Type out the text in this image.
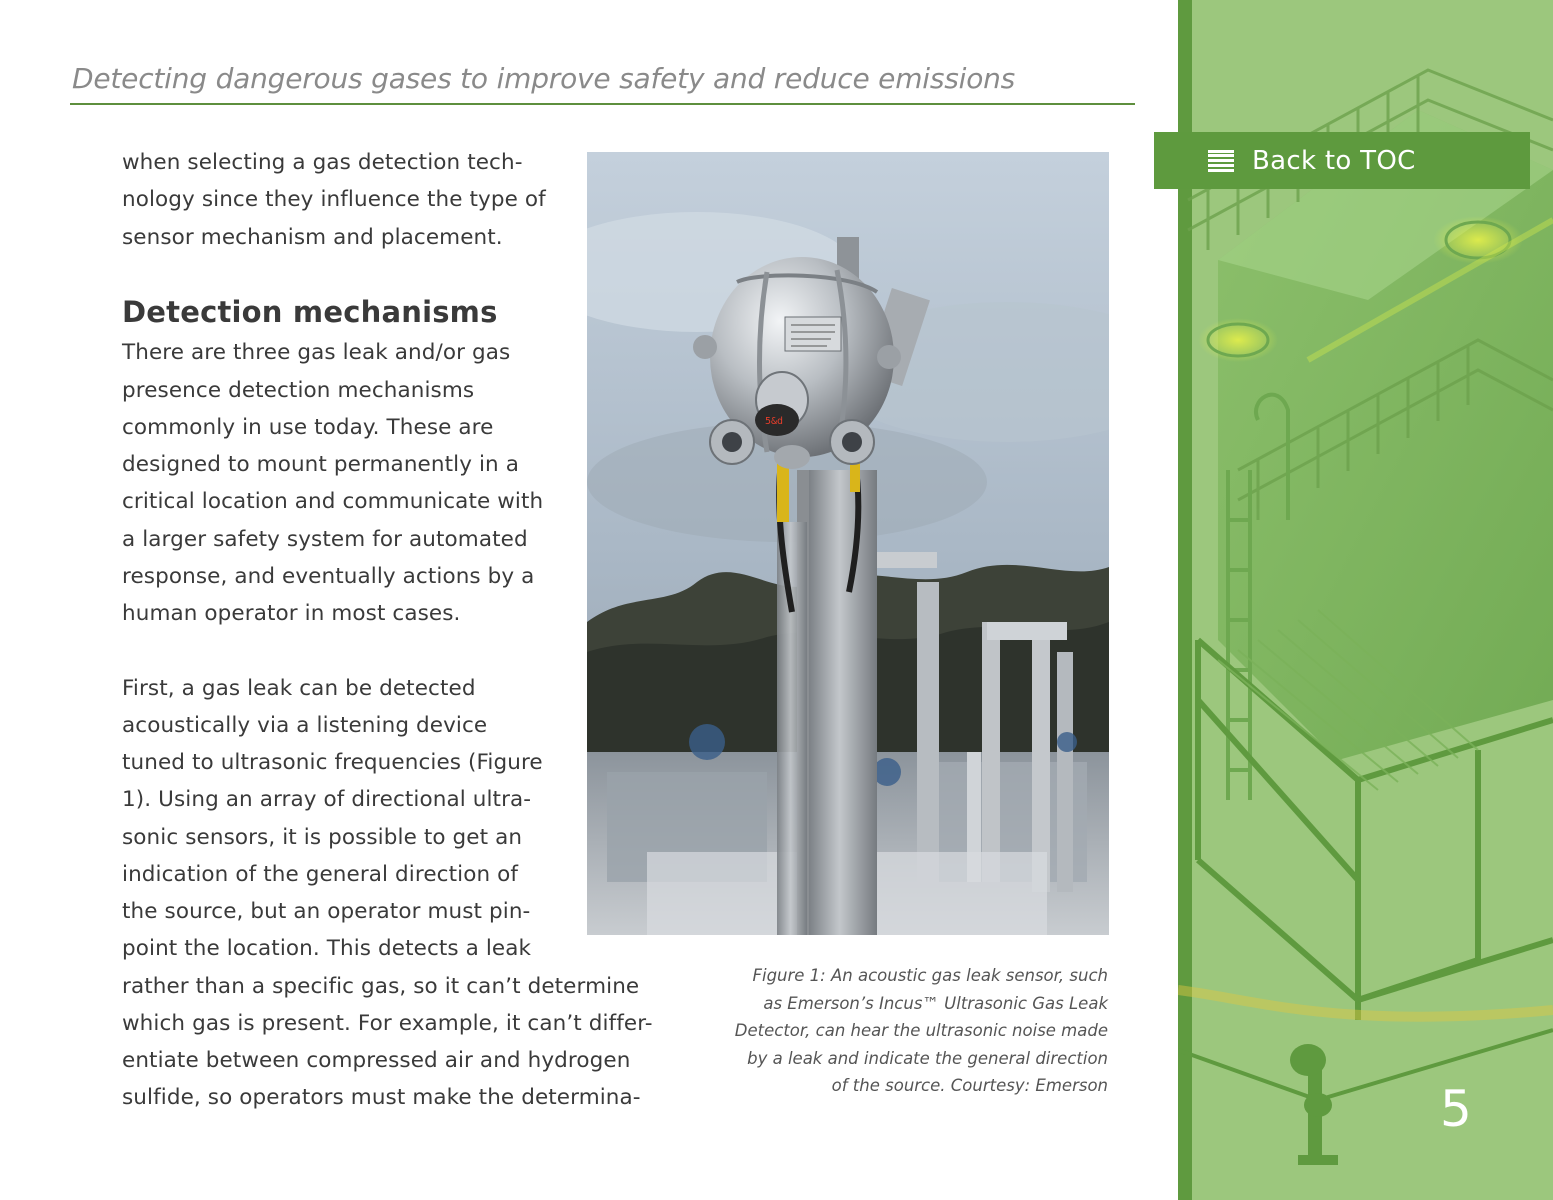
Detecting dangerous gases to improve safety and reduce emissions
when selecting a gas detection tech-
nology since they influence the type of
sensor mechanism and placement.
Detection mechanisms
There are three gas leak and/or gas
presence detection mechanisms
commonly in use today. These are
designed to mount permanently in a
critical location and communicate with
a larger safety system for automated
response, and eventually actions by a
human operator in most cases.
First, a gas leak can be detected
acoustically via a listening device
tuned to ultrasonic frequencies (Figure
1). Using an array of directional ultra-
sonic sensors, it is possible to get an
indication of the general direction of
the source, but an operator must pin-
point the location. This detects a leak
rather than a specific gas, so it can’t determine
which gas is present. For example, it can’t differ-
entiate between compressed air and hydrogen
sulfide, so operators must make the determina-
5&d
Figure 1: An acoustic gas leak sensor, such
as Emerson’s Incus™ Ultrasonic Gas Leak
Detector, can hear the ultrasonic noise made
by a leak and indicate the general direction
of the source. Courtesy: Emerson
Back to TOC
5
